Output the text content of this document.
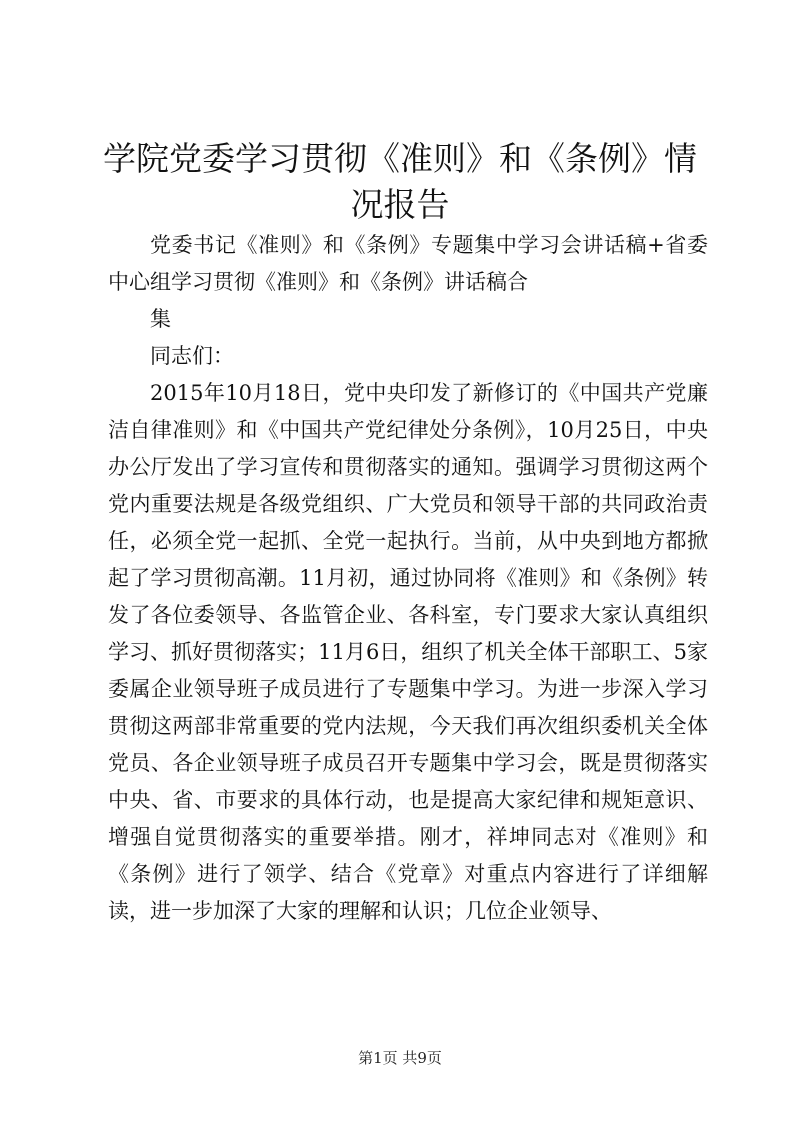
学院党委学习贯彻《准则》和《条例》情况报告

党委书记《准则》和《条例》专题集中学习会讲话稿+省委中心组学习贯彻《准则》和《条例》讲话稿合

集

同志们：

2015年10月18日，党中央印发了新修订的《中国共产党廉洁自律准则》和《中国共产党纪律处分条例》，10月25日，中央办公厅发出了学习宣传和贯彻落实的通知。强调学习贯彻这两个党内重要法规是各级党组织、广大党员和领导干部的共同政治责任，必须全党一起抓、全党一起执行。当前，从中央到地方都掀起了学习贯彻高潮。11月初，通过协同将《准则》和《条例》转发了各位委领导、各监管企业、各科室，专门要求大家认真组织学习、抓好贯彻落实；11月6日，组织了机关全体干部职工、5家委属企业领导班子成员进行了专题集中学习。为进一步深入学习贯彻这两部非常重要的党内法规，今天我们再次组织委机关全体党员、各企业领导班子成员召开专题集中学习会，既是贯彻落实中央、省、市要求的具体行动，也是提高大家纪律和规矩意识、增强自觉贯彻落实的重要举措。刚才，祥坤同志对《准则》和《条例》进行了领学、结合《党章》对重点内容进行了详细解读，进一步加深了大家的理解和认识；几位企业领导、

第1页 共9页
